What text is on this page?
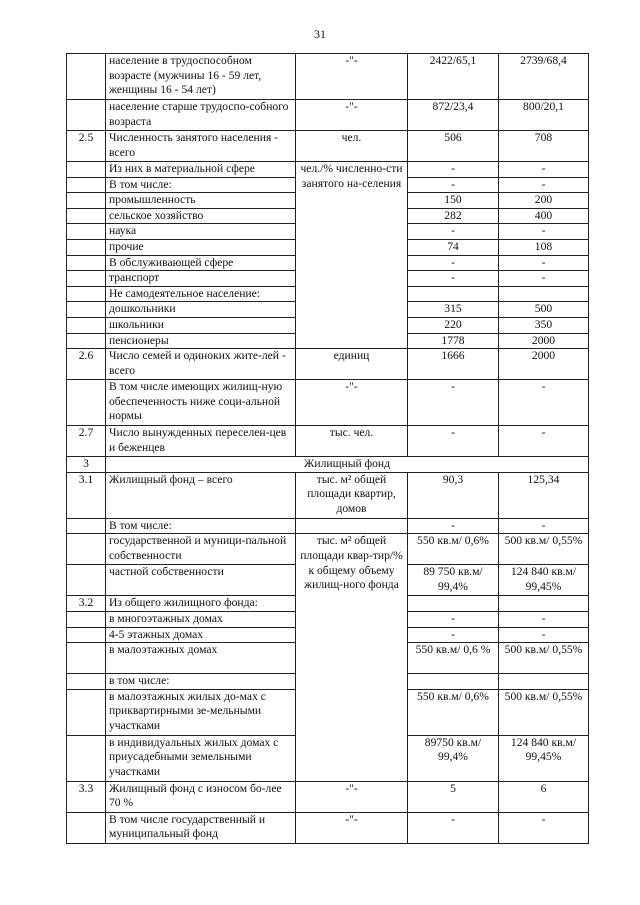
31
	население в трудоспособном возрасте (мужчины 16 - 59 лет, женщины 16 - 54 лет)	-"-	2422/65,1	2739/68,4
	население старше трудоспо-собного возраста	-"-	872/23,4	800/20,1
2.5	Численность занятого населения - всего	чел.	506	708
	Из них в материальной сфере	чел./% численно-сти занятого на-селения	-	-
	В том числе:		-	-
	промышленность		150	200
	сельское хозяйство		282	400
	наука		-	-
	прочие		74	108
	В обслуживающей сфере		-	-
	транспорт		-	-
	Не самодеятельное население:			
	дошкольники		315	500
	школьники		220	350
	пенсионеры		1778	2000
2.6	Число семей и одиноких жите-лей - всего	единиц	1666	2000
	В том числе имеющих жилищ-ную обеспеченность ниже соци-альной нормы	-"-	-	-
2.7	Число вынужденных переселен-цев и беженцев	тыс. чел.	-	-
3	Жилищный фонд			
3.1	Жилищный фонд – всего	тыс. м² общей площади квартир, домов	90,3	125,34
	В том числе:		-	-
	государственной и муници-пальной собственности	тыс. м² общей площади квар-тир/% к общему объему жилищ-ного фонда	550 кв.м/ 0,6%	500 кв.м/ 0,55%
	частной собственности		89 750 кв.м/ 99,4%	124 840 кв.м/ 99,45%
3.2	Из общего жилищного фонда:			
	в многоэтажных домах		-	-
	4-5 этажных домах		-	-
	в малоэтажных домах		550 кв.м/ 0,6 %	500 кв.м/ 0,55%
	в том числе:			
	в малоэтажных жилых до-мах с приквартирными зе-мельными участками		550 кв.м/ 0,6%	500 кв.м/ 0,55%
	в индивидуальных жилых домах с приусадебными земельными участками		89750 кв.м/ 99,4%	124 840 кв.м/ 99,45%
3.3	Жилищный фонд с износом бо-лее 70 %	-"-	5	6
	В том числе государственный и муниципальный фонд	-"-	-	-
